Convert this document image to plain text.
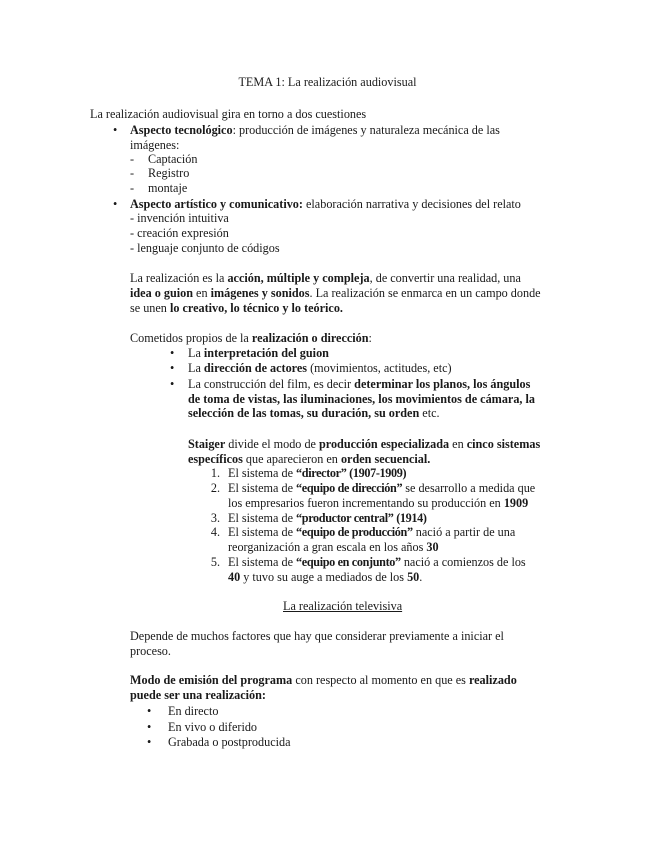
TEMA 1: La realización audiovisual
La realización audiovisual gira en torno a dos cuestiones
• Aspecto tecnológico: producción de imágenes y naturaleza mecánica de las
imágenes:
- Captación
- Registro
- montaje
• Aspecto artístico y comunicativo: elaboración narrativa y decisiones del relato
- invención intuitiva
- creación expresión
- lenguaje conjunto de códigos
La realización es la acción, múltiple y compleja, de convertir una realidad, una
idea o guion en imágenes y sonidos. La realización se enmarca en un campo donde
se unen lo creativo, lo técnico y lo teórico.
Cometidos propios de la realización o dirección:
• La interpretación del guion
• La dirección de actores (movimientos, actitudes, etc)
• La construcción del film, es decir determinar los planos, los ángulos
de toma de vistas, las iluminaciones, los movimientos de cámara, la
selección de las tomas, su duración, su orden etc.
Staiger divide el modo de producción especializada en cinco sistemas
específicos que aparecieron en orden secuencial.
1. El sistema de “director” (1907-1909)
2. El sistema de “equipo de dirección” se desarrollo a medida que
los empresarios fueron incrementando su producción en 1909
3. El sistema de “productor central” (1914)
4. El sistema de “equipo de producción” nació a partir de una
reorganización a gran escala en los años 30
5. El sistema de “equipo en conjunto” nació a comienzos de los
40 y tuvo su auge a mediados de los 50.
La realización televisiva
Depende de muchos factores que hay que considerar previamente a iniciar el
proceso.
Modo de emisión del programa con respecto al momento en que es realizado
puede ser una realización:
• En directo
• En vivo o diferido
• Grabada o postproducida
